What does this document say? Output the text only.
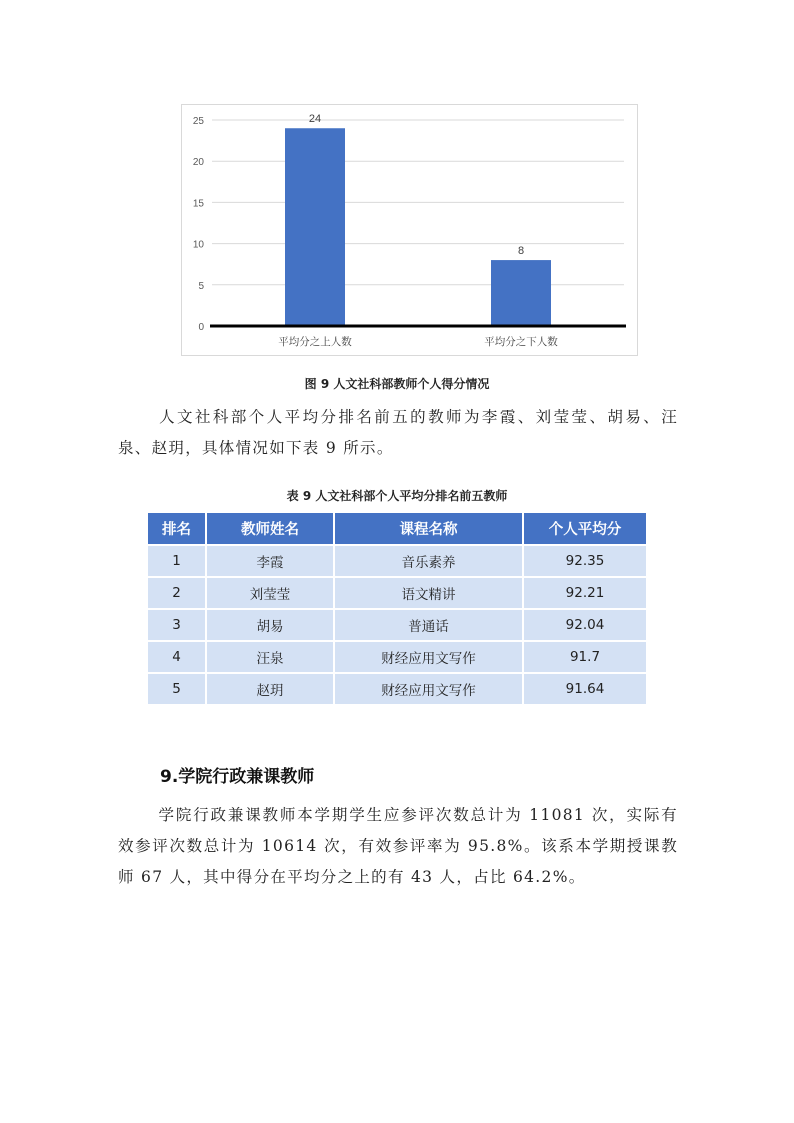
0
5
10
15
20
25	24
平均分之上人数
8
平均分之下人数
图 9 人文社科部教师个人得分情况
人文社科部个人平均分排名前五的教师为李霞、刘莹莹、胡易、汪泉、赵玥，具体情况如下表 9 所示。
表 9 人文社科部个人平均分排名前五教师
排名	教师姓名	课程名称	个人平均分
1	李霞	音乐素养	92.35
2	刘莹莹	语文精讲	92.21
3	胡易	普通话	92.04
4	汪泉	财经应用文写作	91.7
5	赵玥	财经应用文写作	91.64
9.学院行政兼课教师
学院行政兼课教师本学期学生应参评次数总计为 11081 次，实际有效参评次数总计为 10614 次，有效参评率为 95.8%。该系本学期授课教师 67 人，其中得分在平均分之上的有 43 人，占比 64.2%。
